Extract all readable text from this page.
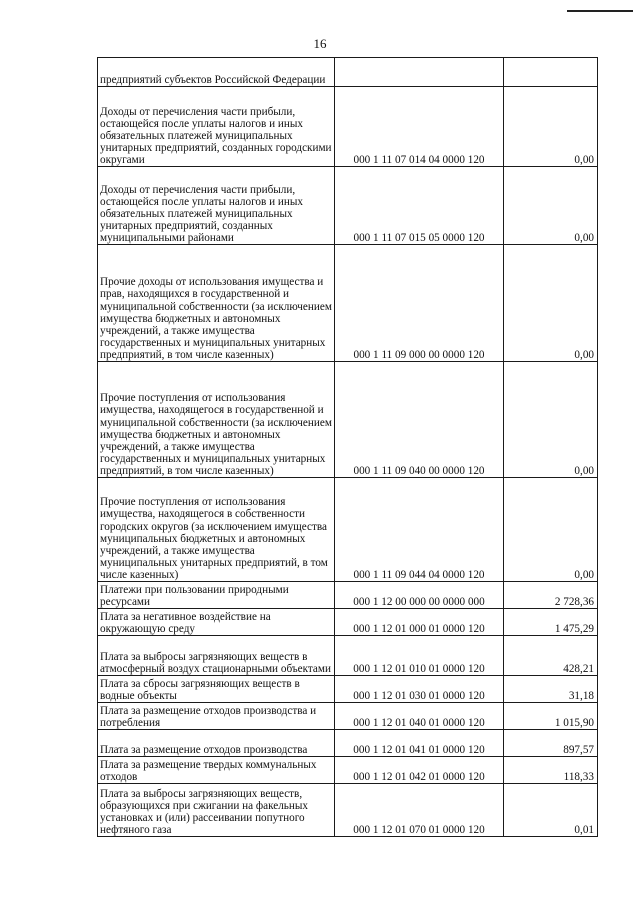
16
предприятий субъектов Российской Федерации		
Доходы от перечисления части прибыли, остающейся после уплаты налогов и иных обязательных платежей муниципальных унитарных предприятий, созданных городскими округами	000 1 11 07 014 04 0000 120	0,00
Доходы от перечисления части прибыли, остающейся после уплаты налогов и иных обязательных платежей муниципальных унитарных предприятий, созданных муниципальными районами	000 1 11 07 015 05 0000 120	0,00
Прочие доходы от использования имущества и прав, находящихся в государственной и муниципальной собственности (за исключением имущества бюджетных и автономных учреждений, а также имущества государственных и муниципальных унитарных предприятий, в том числе казенных)	000 1 11 09 000 00 0000 120	0,00
Прочие поступления от использования имущества, находящегося в государственной и муниципальной собственности (за исключением имущества бюджетных и автономных учреждений, а также имущества государственных и муниципальных унитарных предприятий, в том числе казенных)	000 1 11 09 040 00 0000 120	0,00
Прочие поступления от использования имущества, находящегося в собственности городских округов (за исключением имущества муниципальных бюджетных и автономных учреждений, а также имущества муниципальных унитарных предприятий, в том числе казенных)	000 1 11 09 044 04 0000 120	0,00
Платежи при пользовании природными ресурсами	000 1 12 00 000 00 0000 000	2 728,36
Плата за негативное воздействие на окружающую среду	000 1 12 01 000 01 0000 120	1 475,29
Плата за выбросы загрязняющих веществ в атмосферный воздух стационарными объектами	000 1 12 01 010 01 0000 120	428,21
Плата за сбросы загрязняющих веществ в водные объекты	000 1 12 01 030 01 0000 120	31,18
Плата за размещение отходов производства и потребления	000 1 12 01 040 01 0000 120	1 015,90
Плата за размещение отходов производства	000 1 12 01 041 01 0000 120	897,57
Плата за размещение твердых коммунальных отходов	000 1 12 01 042 01 0000 120	118,33
Плата за выбросы загрязняющих веществ, образующихся при сжигании на факельных установках и (или) рассеивании попутного нефтяного газа	000 1 12 01 070 01 0000 120	0,01
